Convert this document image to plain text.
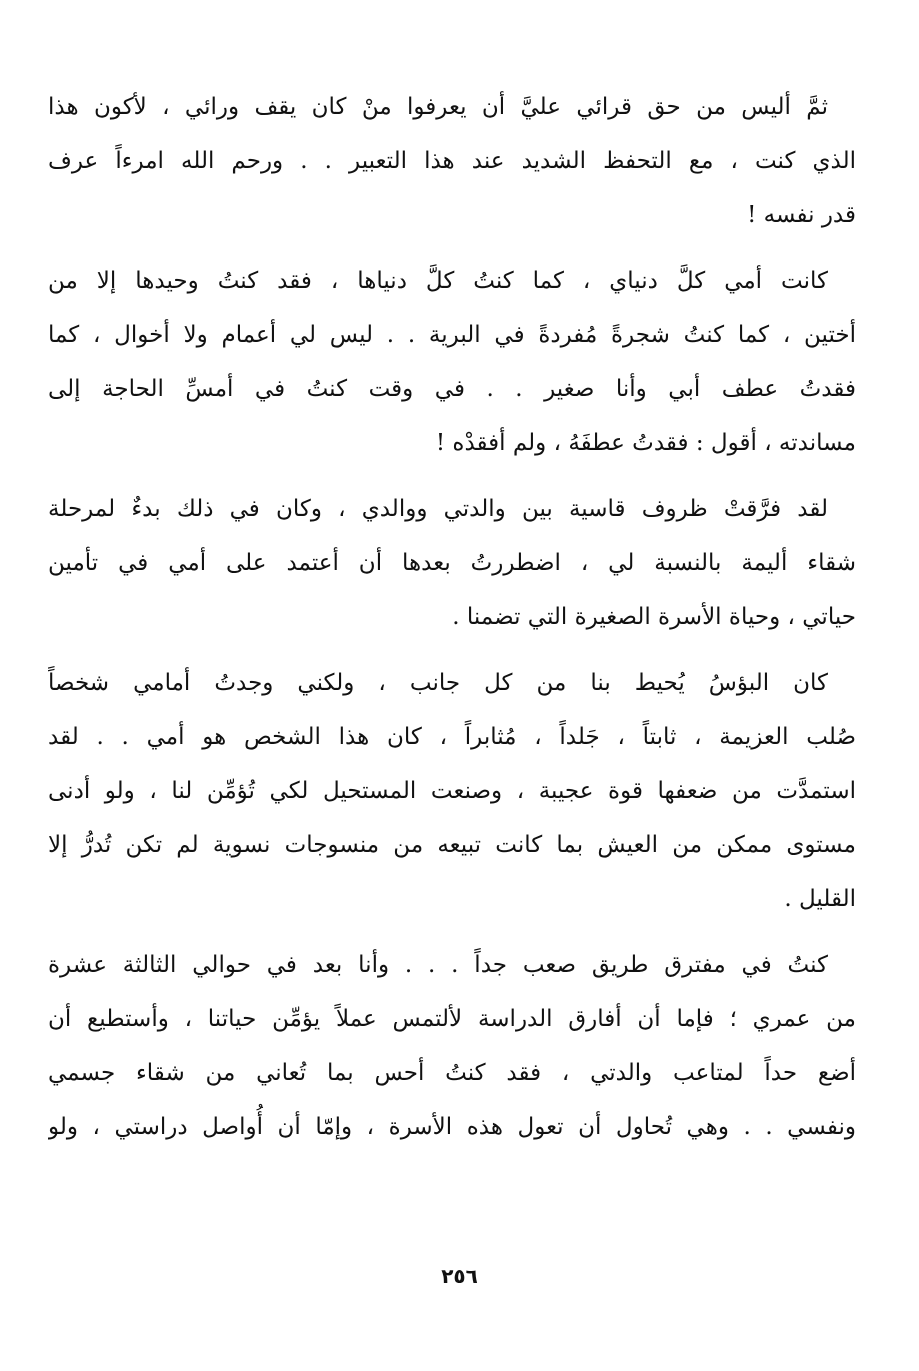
ثمَّ أليس من حق قرائي عليَّ أن يعرفوا منْ كان يقف ورائي ، لأكون هذا
الذي كنت ، مع التحفظ الشديد عند هذا التعبير . . ورحم الله امرءاً عرف
قدر نفسه !
كانت أمي كلَّ دنياي ، كما كنتُ كلَّ دنياها ، فقد كنتُ وحيدها إلا من
أختين ، كما كنتُ شجرةً مُفردةً في البرية . . ليس لي أعمام ولا أخوال ، كما
فقدتُ عطف أبي وأنا صغير . . في وقت كنتُ في أمسِّ الحاجة إلى
مساندته ، أقول : فقدتُ عطفَهُ ، ولم أفقدْه !
لقد فرَّقتْ ظروف قاسية بين والدتي ووالدي ، وكان في ذلك بدءٌ لمرحلة
شقاء أليمة بالنسبة لي ، اضطررتُ بعدها أن أعتمد على أمي في تأمين
حياتي ، وحياة الأسرة الصغيرة التي تضمنا .
كان البؤسُ يُحيط بنا من كل جانب ، ولكني وجدتُ أمامي شخصاً
صُلب العزيمة ، ثابتاً ، جَلداً ، مُثابراً ، كان هذا الشخص هو أمي . . لقد
استمدَّت من ضعفها قوة عجيبة ، وصنعت المستحيل لكي تُؤمِّن لنا ، ولو أدنى
مستوى ممكن من العيش بما كانت تبيعه من منسوجات نسوية لم تكن تُدرُّ إلا
القليل .
كنتُ في مفترق طريق صعب جداً . . . وأنا بعد في حوالي الثالثة عشرة
من عمري ؛ فإما أن أفارق الدراسة لألتمس عملاً يؤمِّن حياتنا ، وأستطيع أن
أضع حداً لمتاعب والدتي ، فقد كنتُ أحس بما تُعاني من شقاء جسمي
ونفسي . . وهي تُحاول أن تعول هذه الأسرة ، وإمّا أن أُواصل دراستي ، ولو
٢٥٦
